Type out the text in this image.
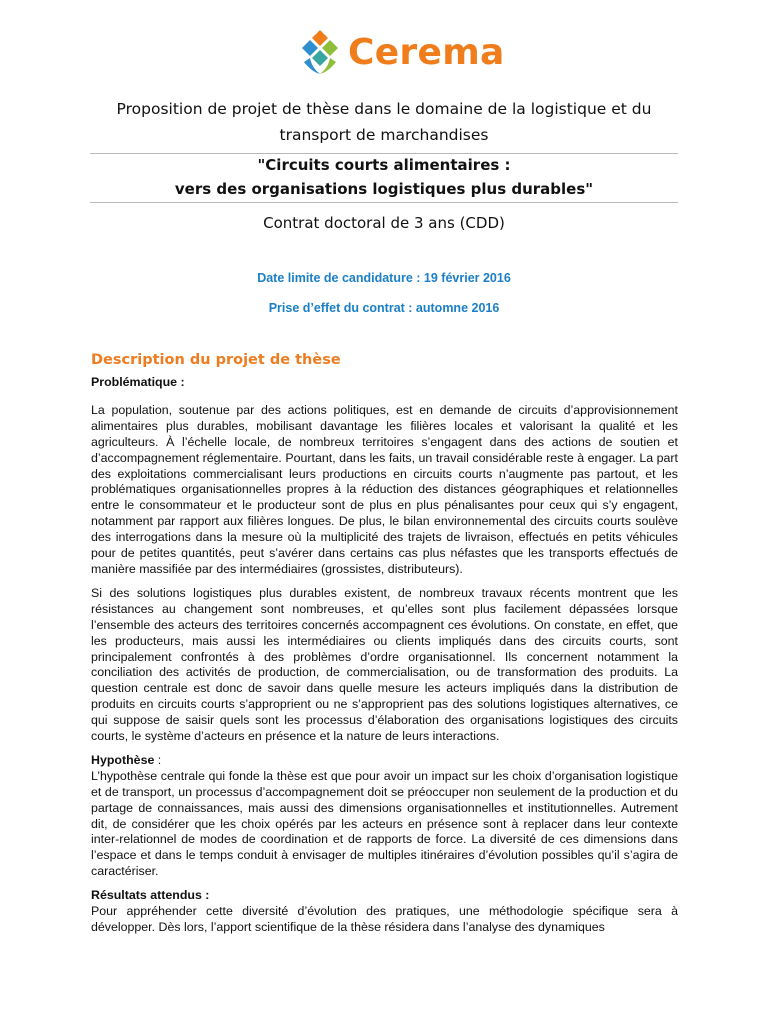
Cerema
Proposition de projet de thèse dans le domaine de la logistique et du transport de marchandises
"Circuits courts alimentaires :
vers des organisations logistiques plus durables"
Contrat doctoral de 3 ans (CDD)
Date limite de candidature : 19 février 2016
Prise d’effet du contrat : automne 2016
Description du projet de thèse

Problématique :

La population, soutenue par des actions politiques, est en demande de circuits d’approvisionnement alimentaires plus durables, mobilisant davantage les filières locales et valorisant la qualité et les agriculteurs. À l’échelle locale, de nombreux territoires s’engagent dans des actions de soutien et d’accompagnement réglementaire. Pourtant, dans les faits, un travail considérable reste à engager. La part des exploitations commercialisant leurs productions en circuits courts n’augmente pas partout, et les problématiques organisationnelles propres à la réduction des distances géographiques et relationnelles entre le consommateur et le producteur sont de plus en plus pénalisantes pour ceux qui s’y engagent, notamment par rapport aux filières longues. De plus, le bilan environnemental des circuits courts soulève des interrogations dans la mesure où la multiplicité des trajets de livraison, effectués en petits véhicules pour de petites quantités, peut s’avérer dans certains cas plus néfastes que les transports effectués de manière massifiée par des intermédiaires (grossistes, distributeurs).

Si des solutions logistiques plus durables existent, de nombreux travaux récents montrent que les résistances au changement sont nombreuses, et qu’elles sont plus facilement dépassées lorsque l’ensemble des acteurs des territoires concernés accompagnent ces évolutions. On constate, en effet, que les producteurs, mais aussi les intermédiaires ou clients impliqués dans des circuits courts, sont principalement confrontés à des problèmes d’ordre organisationnel. Ils concernent notamment la conciliation des activités de production, de commercialisation, ou de transformation des produits. La question centrale est donc de savoir dans quelle mesure les acteurs impliqués dans la distribution de produits en circuits courts s’approprient ou ne s’approprient pas des solutions logistiques alternatives, ce qui suppose de saisir quels sont les processus d’élaboration des organisations logistiques des circuits courts, le système d’acteurs en présence et la nature de leurs interactions.

Hypothèse :

L’hypothèse centrale qui fonde la thèse est que pour avoir un impact sur les choix d’organisation logistique et de transport, un processus d’accompagnement doit se préoccuper non seulement de la production et du partage de connaissances, mais aussi des dimensions organisationnelles et institutionnelles. Autrement dit, de considérer que les choix opérés par les acteurs en présence sont à replacer dans leur contexte inter-relationnel de modes de coordination et de rapports de force. La diversité de ces dimensions dans l’espace et dans le temps conduit à envisager de multiples itinéraires d’évolution possibles qu’il s’agira de caractériser.

Résultats attendus :

Pour appréhender cette diversité d’évolution des pratiques, une méthodologie spécifique sera à développer. Dès lors, l’apport scientifique de la thèse résidera dans l’analyse des dynamiques
